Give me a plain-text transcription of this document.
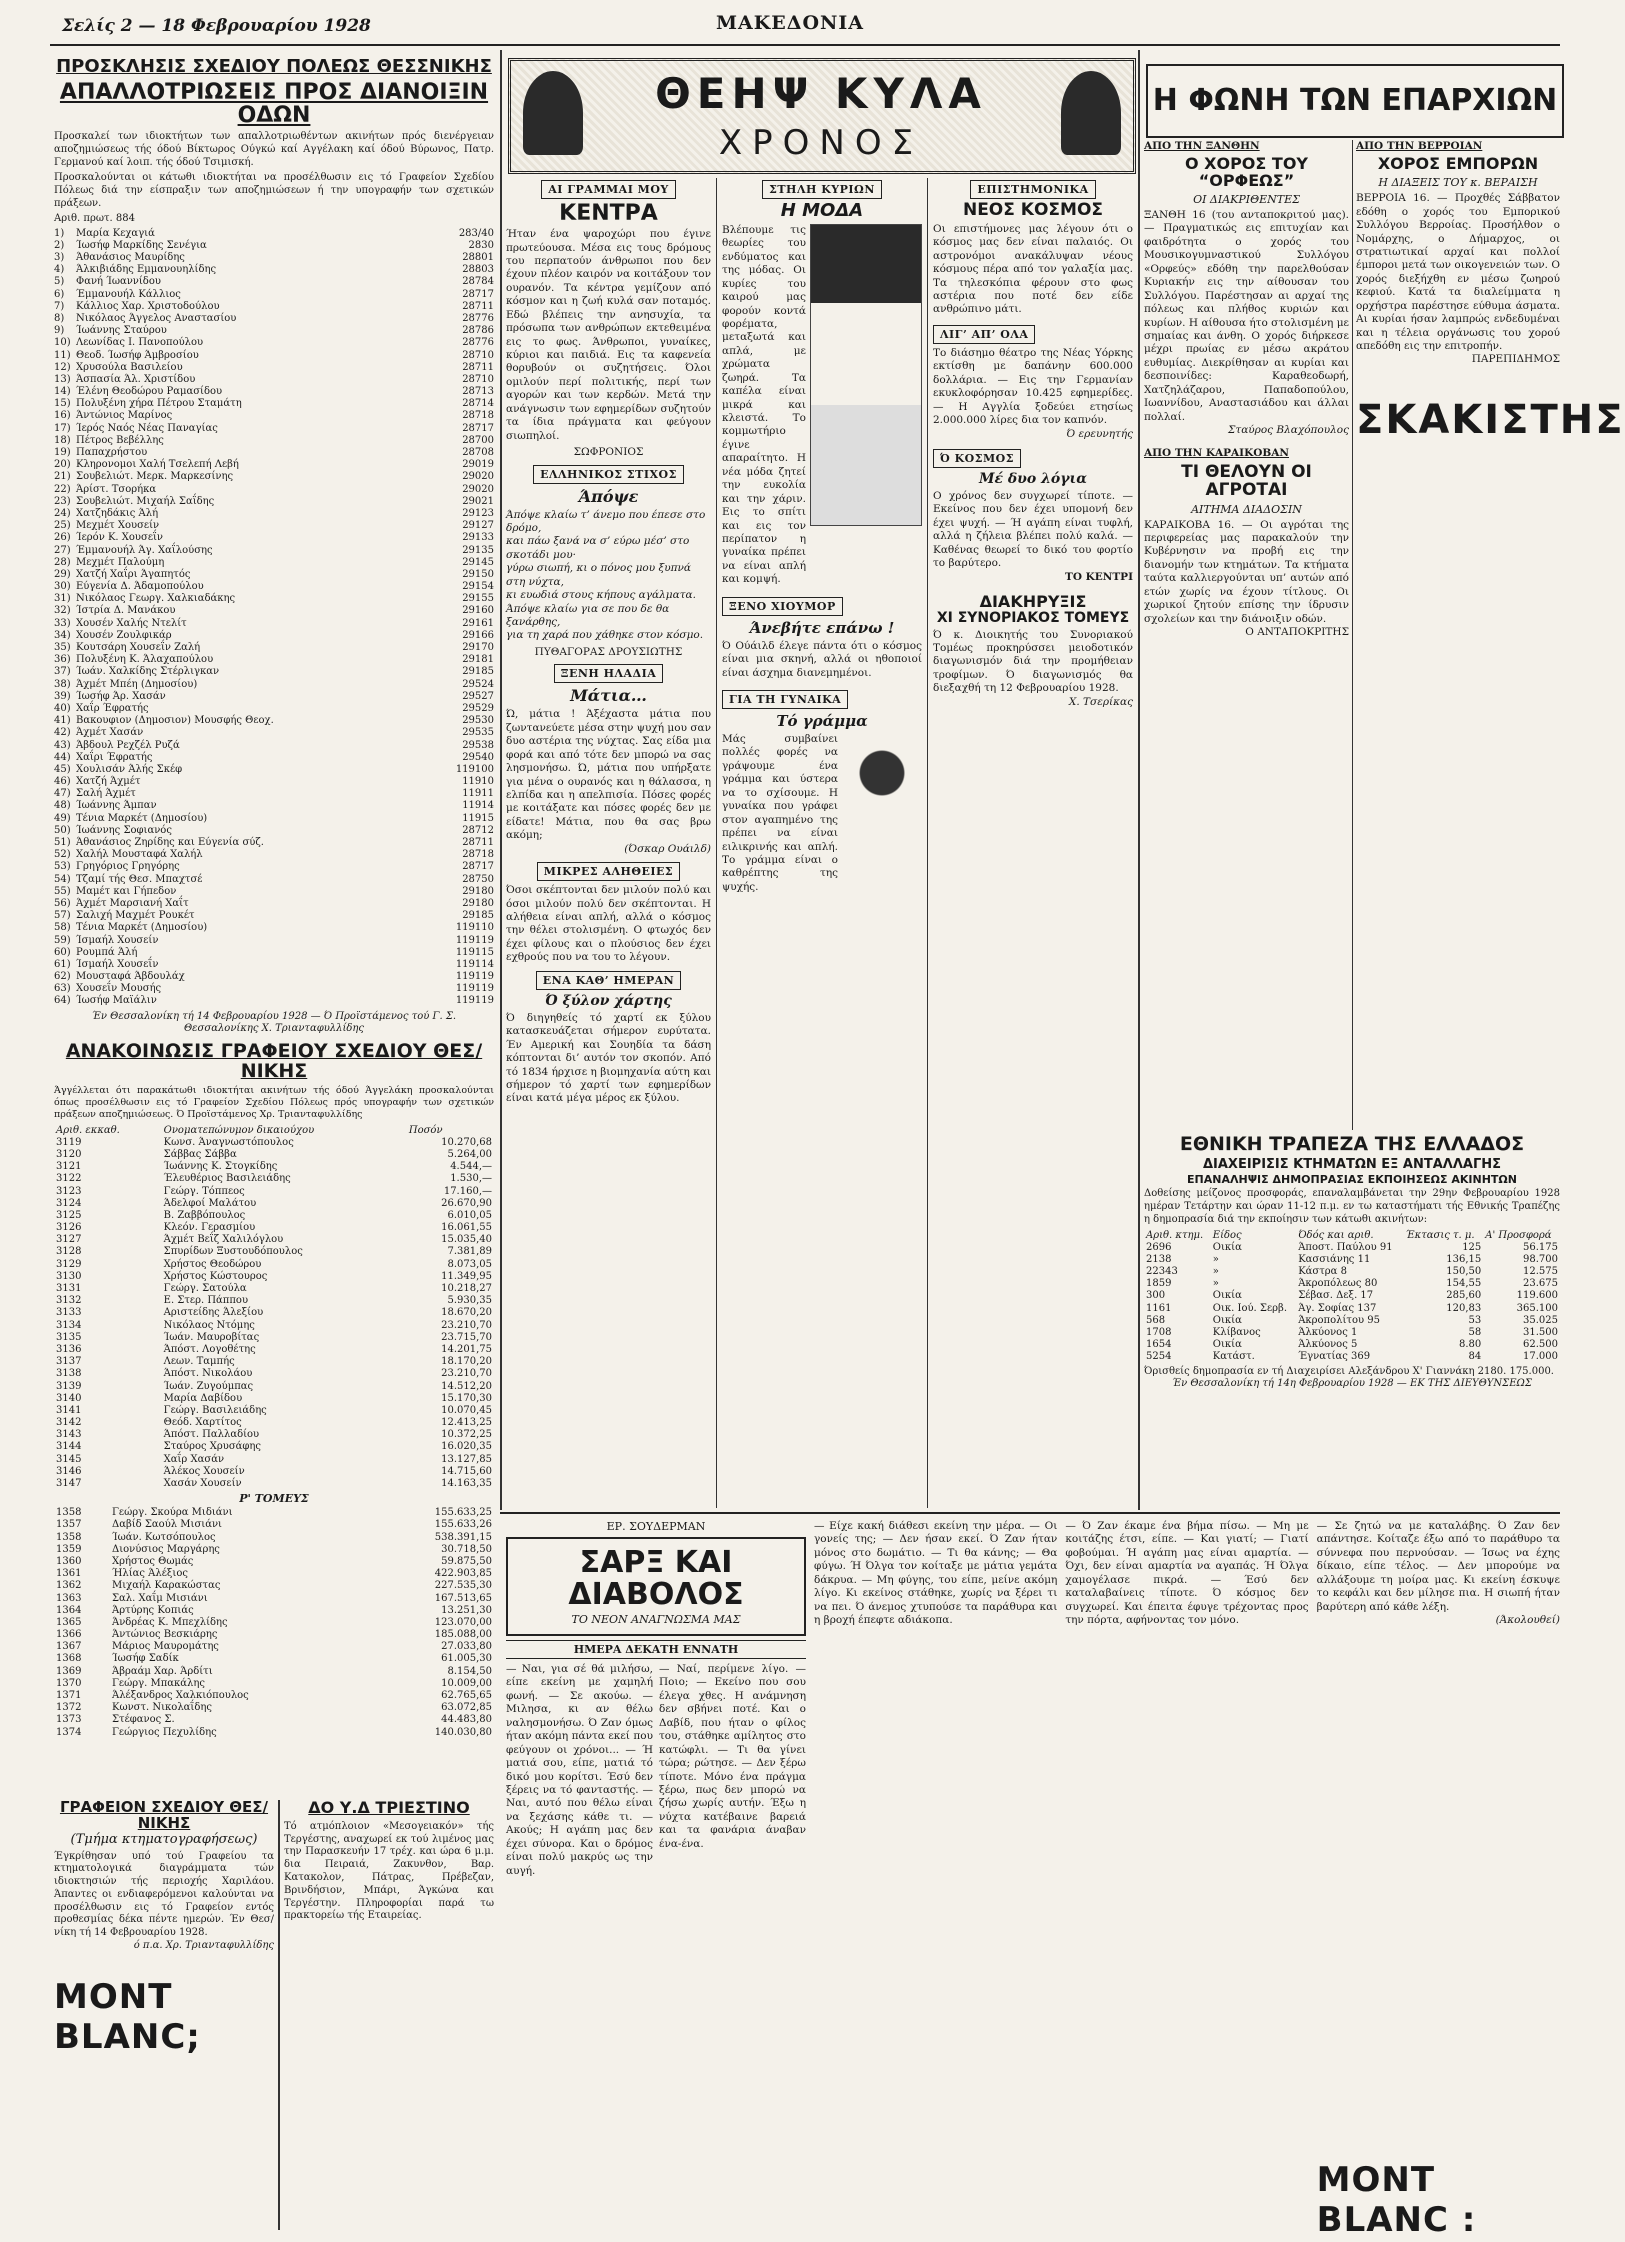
Σελίς 2 — 18 Φεβρουαρίου 1928	ΜΑΚΕΔΟΝΙΑ
ΠΡΟΣΚΛΗΣΙΣ ΣΧΕΔΙΟΥ ΠΟΛΕΩΣ ΘΕΣΣΝΙΚΗΣ
ΑΠΑΛΛΟΤΡΙΩΣΕΙΣ ΠΡΟΣ ΔΙΑΝΟΙΞΙΝ ΟΔΩΝ
Προσκαλεί των ιδιοκτήτων των απαλλοτριωθέντων ακινήτων πρός διενέργειαν αποζημιώσεως τής όδού Βίκτωρος Ούγκώ καί Αγγέλακη καί όδού Βύρωνος, Πατρ. Γερμανού καί λοιπ. τής όδού Τσιμισκή.
Προσκαλούνται οι κάτωθι ιδιοκτήται να προσέλθωσιν εις τό Γραφείον Σχεδίου Πόλεως διά την είσπραξιν των αποζημιώσεων ή την υπογραφήν των σχετικών πράξεων.
Αριθ. πρωτ. 884
1)	Μαρία Κεχαγιά	283/40
2)	Ίωσήφ Μαρκίδης Σενέγια	2830
3)	Άθανάσιος Μαυρίδης	28801
4)	Άλκιβιάδης Εμμανουηλίδης	28803
5)	Φανή Ίωαννίδου	28784
6)	Έμμανουήλ Κάλλιος	28717
7)	Κάλλιος Χαρ. Χριστοδούλου	28711
8)	Νικόλαος Άγγελος Αναστασίου	28776
9)	Ίωάννης Σταύρου	28786
10) Λεωνίδας Ι. Πανοπούλου	28776
11) Θεοδ. Ίωσήφ Άμβροσίου	28710
12) Χρυσούλα Βασιλείου	28711
13) Άσπασία Άλ. Χριστίδου	28710
14) Έλένη Θεοδώρου Ραμασίδου	28713
15) Πολυξένη χήρα Πέτρου Σταμάτη	28714
16) Άντώνιος Μαρίνος	28718
17) Ίερός Ναός Νέας Παναγίας	28717
18) Πέτρος Βεβέλλης	28700
19) Παπαχρήστου	28708
20) Κληρονομοι Χαλή Τσελεπή Λεβή	29019
21) Σουβελιώτ. Μερκ. Μαρκεσίνης	29020
22) Άρίστ. Τσορήκα	29020
23) Σουβελιώτ. Μιχαήλ Σαΐδης	29021
24) Χατζηδάκις Άλή	29123
25) Μεχμέτ Χουσείν	29127
26) Ίερόν Κ. Χουσεΐν	29133
27) Έμμανουήλ Άγ. Χαΐλούσης	29135
28) Μεχμέτ Παλούμη	29145
29) Χατζή Χαΐρι Άγαπητός	29150
30) Εύγενία Δ. Άδαμοπούλου	29154
31) Νικόλαος Γεωργ. Χαλκιαδάκης	29155
32) Ίστρία Δ. Μανάκου	29160
33) Χουσέν Χαλής Ντελίτ	29161
34) Χουσέν Ζουλφικάρ	29166
35) Κουτσάρη Χουσεΐν Ζαλή	29170
36) Πολυξένη Κ. Άλαχαπούλου	29181
37) Ίωάν. Χαλκίδης Στέρλιγκαν	29185
38) Άχμέτ Μπέη (Δημοσίου)	29524
39) Ίωσήφ Άρ. Χασάν	29527
40) Χαΐρ Έφρατής	29529
41) Βακουφιον (Δημοσιον) Μουσφής Θεοχ.	29530
42) Άχμέτ Χασάν	29535
43) Άβδουλ Ρεχζέλ Ρυζά	29538
44) Χαΐρι Έφρατής	29540
45) Χουλισάν Άλής Σκέφ	119100
46) Χατζή Άχμέτ	11910
47) Σαλή Άχμέτ	11911
48) Ίωάννης Άμπαν	11914
49) Τένια Μαρκέτ (Δημοσίου)	11915
50) Ίωάννης Σοφιανός	28712
51) Άθανάσιος Ζηρίδης και Εύγενία σύζ.	28711
52) Χαλήλ Μουσταφά Χαλήλ	28718
53) Γρηγόριος Γρηγόρης	28717
54) Τζαμί τής Θεσ. Μπαχτσέ	28750
55) Μαμέτ και Γήπεδον	29180
56) Άχμέτ Μαρσιανή Χαΐτ	29180
57) Σαλιχή Μαχμέτ Ρουκέτ	29185
58) Τένια Μαρκέτ (Δημοσίου)	119110
59) Ίσμαήλ Χουσείν	119119
60) Ρουμπά Άλή	119115
61) Ίσμαήλ Χουσεΐν	119114
62) Μουσταφά Άβδουλάχ	119119
63) Χουσεΐν Μουσής	119119
64) Ίωσήφ Μαϊάλιν	119119
Έν Θεσσαλονίκη τή 14 Φεβρουαρίου 1928 — Ό Προϊστάμενος τού Γ. Σ. Θεσσαλονίκης Χ. Τριανταφυλλίδης
ΑΝΑΚΟΙΝΩΣΙΣ ΓΡΑΦΕΙΟΥ ΣΧΕΔΙΟΥ ΘΕΣ/ΝΙΚΗΣ
Άγγέλλεται ότι παρακάτωθι ιδιοκτήται ακινήτων τής όδού Άγγελάκη προσκαλούνται όπως προσέλθωσιν εις τό Γραφείον Σχεδίου Πόλεως πρός υπογραφήν των σχετικών πράξεων αποζημιώσεως. Ό Προϊστάμενος Χρ. Τριανταφυλλίδης
Αριθ. εκκαθ.	Ονοματεπώνυμον δικαιούχου	Ποσόν
3119	Κωνσ. Άναγνωστόπουλος	10.270,68
3120	Σάββας Σάββα	5.264,00
3121	Ίωάννης Κ. Στογκίδης	4.544,—
3122	Έλευθέριος Βασιλειάδης	1.530,—
3123	Γεώργ. Τόππεος	17.160,—
3124	Άδελφοί Μαλάτου	26.670,90
3125	Β. Ζαββόπουλος	6.010,05
3126	Κλεόν. Γερασμίου	16.061,55
3127	Άχμέτ Βεΐζ Χαλιλόγλου	15.035,40
3128	Σπυρίδων Ξυστουδόπουλος	7.381,89
3129	Χρήστος Θεοδώρου	8.073,05
3130	Χρήστος Κώστουρος	11.349,95
3131	Γεώργ. Σατούλα	10.218,27
3132	Ε. Στερ. Πάππου	5.930,35
3133	Αριστείδης Άλεξίου	18.670,20
3134	Νικόλαος Ντόμης	23.210,70
3135	Ίωάν. Μαυροβίτας	23.715,70
3136	Άπόστ. Λογοθέτης	14.201,75
3137	Λεων. Ταμπής	18.170,20
3138	Άπόστ. Νικολάου	23.210,70
3139	Ίωάν. Ζυγούμπας	14.512,20
3140	Μαρία Δαβίδου	15.170,30
3141	Γεώργ. Βασιλειάδης	10.070,45
3142	Θεόδ. Χαρτίτος	12.413,25
3143	Άπόστ. Παλλαδίου	10.372,25
3144	Σταύρος Χρυσάφης	16.020,35
3145	Χαΐρ Χασάν	13.127,85
3146	Άλέκος Χουσείν	14.715,60
3147	Χασάν Χουσείν	14.163,35
Ρ' ΤΟΜΕΥΣ
1358	Γεώργ. Σκούρα Μιδιάνι	155.633,25
1357	Δαβίδ Σαούλ Μισιάνι	155.633,26
1358	Ίωάν. Κωτσόπουλος	538.391,15
1359	Διονύσιος Μαργάρης	30.718,50
1360	Χρήστος Θωμάς	59.875,50
1361	Ήλίας Άλέξιος	422.903,85
1362	Μιχαήλ Καρακώστας	227.535,30
1363	Σαλ. Χαΐμ Μισιάνι	167.513,65
1364	Άρτύρης Κοπιάς	13.251,30
1365	Άνδρέας Κ. Μπεχλίδης	123.070,00
1366	Άντώνιος Βεσκιάρης	185.088,00
1367	Μάριος Μαυρομάτης	27.033,80
1368	Ίωσήφ Σαδίκ	61.005,30
1369	Άβραάμ Χαρ. Άρδίτι	8.154,50
1370	Γεώργ. Μπακάλης	10.009,00
1371	Άλέξανδρος Χαλκιόπουλος	62.765,65
1372	Κωνστ. Νικολαΐδης	63.072,85
1373	Στέφανος Σ.	44.483,80
1374	Γεώργιος Πεχυλίδης	140.030,80
ΓΡΑΦΕΙΟΝ ΣΧΕΔΙΟΥ ΘΕΣ/ΝΙΚΗΣ
(Τμήμα κτηματογραφήσεως)
Έγκρίθησαν υπό τού Γραφείου τα κτηματολογικά διαγράμματα τών ιδιοκτησιών τής περιοχής Χαριλάου. Άπαντες οι ενδιαφερόμενοι καλούνται να προσέλθωσιν εις τό Γραφείον εντός προθεσμίας δέκα πέντε ημερών. Έν Θεσ/νίκη τή 14 Φεβρουαρίου 1928.
ό π.α. Χρ. Τριανταφυλλίδης
MONT BLANC;
ΔΟ Υ.Δ ΤΡΙΕΣΤΙΝΟ
Τό ατμόπλοιον «Μεσογειακόν» τής Τεργέστης, αναχωρεί εκ τού λιμένος μας την Παρασκευήν 17 τρέχ. και ώρα 6 μ.μ. δια Πειραιά, Ζακυνθον, Βαρ. Κατακολον, Πάτρας, Πρέβεζαν, Βρινδήσιον, Μπάρι, Άγκώνα και Τεργέστην. Πληροφορίαι παρά τω πρακτορείω τής Εταιρείας.
ΘΕΗΨ ΚΥΛΑ
ΧΡΟΝΟΣ
ΑΙ ΓΡΑΜΜΑΙ ΜΟΥ
ΚΕΝΤΡΑ
Ήταν ένα ψαροχώρι που έγινε πρωτεύουσα. Μέσα εις τους δρόμους του περπατούν άνθρωποι που δεν έχουν πλέον καιρόν να κοιτάξουν τον ουρανόν. Τα κέντρα γεμίζουν από κόσμον και η ζωή κυλά σαν ποταμός. Εδώ βλέπεις την ανησυχία, τα πρόσωπα των ανθρώπων εκτεθειμένα εις το φως. Άνθρωποι, γυναίκες, κύριοι και παιδιά. Εις τα καφενεία θορυβούν οι συζητήσεις. Όλοι ομιλούν περί πολιτικής, περί των αγορών και των κερδών. Μετά την ανάγνωσιν των εφημερίδων συζητούν τα ίδια πράγματα και φεύγουν σιωπηλοί.
ΣΩΦΡΟΝΙΟΣ
ΕΛΛΗΝΙΚΟΣ ΣΤΙΧΟΣ
Άπόψε
Άπόψε κλαίω τ’ άνεμο που έπεσε στο δρόμο,
και πάω ξανά να σ’ εύρω μέσ’ στο σκοτάδι μου·
γύρω σιωπή, κι ο πόνος μου ξυπνά στη νύχτα,
κι ευωδιά στους κήπους αγάλματα.
Άπόψε κλαίω για σε που δε θα ξανάρθης,
για τη χαρά που χάθηκε στον κόσμο.
ΠΥΘΑΓΟΡΑΣ ΔΡΟΥΣΙΩΤΗΣ
ΞΕΝΗ ΗΛΑΔΙΑ
Μάτια…
Ώ, μάτια ! Άξέχαστα μάτια που ζωντανεύετε μέσα στην ψυχή μου σαν δυο αστέρια της νύχτας. Σας είδα μια φορά και από τότε δεν μπορώ να σας λησμονήσω. Ώ, μάτια που υπήρξατε για μένα ο ουρανός και η θάλασσα, η ελπίδα και η απελπισία. Πόσες φορές με κοιτάξατε και πόσες φορές δεν με είδατε! Μάτια, που θα σας βρω ακόμη;
(Όσκαρ Ουάιλδ)
ΜΙΚΡΕΣ ΑΛΗΘΕΙΕΣ
Όσοι σκέπτονται δεν μιλούν πολύ και όσοι μιλούν πολύ δεν σκέπτονται. Η αλήθεια είναι απλή, αλλά ο κόσμος την θέλει στολισμένη. Ο φτωχός δεν έχει φίλους και ο πλούσιος δεν έχει εχθρούς που να του το λέγουν.
ΕΝΑ ΚΑΘ’ ΗΜΕΡΑΝ
Ό ξύλον χάρτης
Ό διηγηθείς τό χαρτί εκ ξύλου κατασκευάζεται σήμερον ευρύτατα. Έν Αμερική και Σουηδία τα δάση κόπτονται δι’ αυτόν τον σκοπόν. Από τό 1834 ήρχισε η βιομηχανία αύτη και σήμερον τό χαρτί των εφημερίδων είναι κατά μέγα μέρος εκ ξύλου.
ΣΤΗΛΗ ΚΥΡΙΩΝ
Η ΜΟΔΑ
Βλέπουμε τις θεωρίες του ενδύματος και της μόδας. Οι κυρίες του καιρού μας φορούν κοντά φορέματα, μεταξωτά και απλά, με χρώματα ζωηρά. Τα καπέλα είναι μικρά και κλειστά. Το κομμωτήριο έγινε απαραίτητο. Η νέα μόδα ζητεί την ευκολία και την χάριν. Εις το σπίτι και εις τον περίπατον η γυναίκα πρέπει να είναι απλή και κομψή.
ΞΕΝΟ ΧΙΟΥΜΟΡ
Άνεβήτε επάνω !
Ό Ούάιλδ έλεγε πάντα ότι ο κόσμος είναι μια σκηνή, αλλά οι ηθοποιοί είναι άσχημα διανεμημένοι.
ΓΙΑ ΤΗ ΓΥΝΑΙΚΑ
Τό γράμμα
Μάς συμβαίνει πολλές φορές να γράψουμε ένα γράμμα και ύστερα να το σχίσουμε. Η γυναίκα που γράφει στον αγαπημένο της πρέπει να είναι ειλικρινής και απλή. Το γράμμα είναι ο καθρέπτης της ψυχής.
ΕΠΙΣΤΗΜΟΝΙΚΑ
ΝΕΟΣ ΚΟΣΜΟΣ
Οι επιστήμονες μας λέγουν ότι ο κόσμος μας δεν είναι παλαιός. Οι αστρονόμοι ανακάλυψαν νέους κόσμους πέρα από τον γαλαξία μας. Τα τηλεσκόπια φέρουν στο φως αστέρια που ποτέ δεν είδε ανθρώπινο μάτι.
ΛΙΓ’ ΑΠ’ ΟΛΑ
Το διάσημο θέατρο της Νέας Υόρκης εκτίσθη με δαπάνην 600.000 δολλάρια. — Εις την Γερμανίαν εκυκλοφόρησαν 10.425 εφημερίδες. — Η Αγγλία ξοδεύει ετησίως 2.000.000 λίρες δια τον καπνόν.
Ό ερευνητής
Ό ΚΟΣΜΟΣ
Μέ δυο λόγια
Ο χρόνος δεν συγχωρεί τίποτε. — Εκείνος που δεν έχει υπομονή δεν έχει ψυχή. — Ή αγάπη είναι τυφλή, αλλά η ζήλεια βλέπει πολύ καλά. — Καθένας θεωρεί το δικό του φορτίο το βαρύτερο.
ΤΟ ΚΕΝΤΡΙ
ΔΙΑΚΗΡΥΞΙΣ
ΧΙ ΣΥΝΟΡΙΑΚΟΣ ΤΟΜΕΥΣ
Ό κ. Διοικητής του Συνοριακού Τομέως προκηρύσσει μειοδοτικόν διαγωνισμόν διά την προμήθειαν τροφίμων. Ό διαγωνισμός θα διεξαχθή τη 12 Φεβρουαρίου 1928.
Χ. Τσερίκας
Η ΦΩΝΗ ΤΩΝ ΕΠΑΡΧΙΩΝ
ΑΠΟ ΤΗΝ ΞΑΝΘΗΝ
Ο ΧΟΡΟΣ ΤΟΥ “ΟΡΦΕΩΣ”
ΟΙ ΔΙΑΚΡΙΘΕΝΤΕΣ
ΞΑΝΘΗ 16 (του ανταποκριτού μας). — Πραγματικώς εις επιτυχίαν και φαιδρότητα ο χορός του Μουσικογυμναστικού Συλλόγου «Ορφεύς» εδόθη την παρελθούσαν Κυριακήν εις την αίθουσαν του Συλλόγου. Παρέστησαν αι αρχαί της πόλεως και πλήθος κυριών και κυρίων. Η αίθουσα ήτο στολισμένη με σημαίας και άνθη. Ο χορός διήρκεσε μέχρι πρωίας εν μέσω ακράτου ευθυμίας. Διεκρίθησαν αι κυρίαι και δεσποινίδες: Καραθεοδωρή, Χατζηλάζαρου, Παπαδοπούλου, Ιωαννίδου, Αναστασιάδου και άλλαι πολλαί.
Σταύρος Βλαχόπουλος
ΑΠΟ ΤΗΝ ΚΑΡΑΙΚΟΒΑΝ
ΤΙ ΘΕΛΟΥΝ ΟΙ ΑΓΡΟΤΑΙ
ΑΙΤΗΜΑ ΔΙΑΔΟΣΙΝ
ΚΑΡΑΙΚΟΒΑ 16. — Οι αγρόται της περιφερείας μας παρακαλούν την Κυβέρνησιν να προβή εις την διανομήν των κτημάτων. Τα κτήματα ταύτα καλλιεργούνται υπ’ αυτών από ετών χωρίς να έχουν τίτλους. Οι χωρικοί ζητούν επίσης την ίδρυσιν σχολείων και την διάνοιξιν οδών.
Ο ΑΝΤΑΠΟΚΡΙΤΗΣ
ΑΠΟ ΤΗΝ ΒΕΡΡΟΙΑΝ
ΧΟΡΟΣ ΕΜΠΟΡΩΝ
Η ΔΙΑΞΕΙΣ ΤΟΥ κ. ΒΕΡΑΙΣΗ
ΒΕΡΡΟΙΑ 16. — Προχθές Σάββατον εδόθη ο χορός του Εμπορικού Συλλόγου Βερροίας. Προσήλθον ο Νομάρχης, ο Δήμαρχος, οι στρατιωτικαί αρχαί και πολλοί έμποροι μετά των οικογενειών των. Ο χορός διεξήχθη εν μέσω ζωηρού κεφιού. Κατά τα διαλείμματα η ορχήστρα παρέστησε εύθυμα άσματα. Αι κυρίαι ήσαν λαμπρώς ενδεδυμέναι και η τέλεια οργάνωσις του χορού απεδόθη εις την επιτροπήν.
ΠΑΡΕΠΙΔΗΜΟΣ
ΣΚΑΚΙΣΤΗΣ
ΕΘΝΙΚΗ ΤΡΑΠΕΖΑ ΤΗΣ ΕΛΛΑΔΟΣ
ΔΙΑΧΕΙΡΙΣΙΣ ΚΤΗΜΑΤΩΝ ΕΞ ΑΝΤΑΛΛΑΓΗΣ
ΕΠΑΝΑΛΗΨΙΣ ΔΗΜΟΠΡΑΣΙΑΣ ΕΚΠΟΙΗΣΕΩΣ ΑΚΙΝΗΤΩΝ
Δοθείσης μείζονος προσφοράς, επαναλαμβάνεται την 29ην Φεβρουαρίου 1928 ημέραν Τετάρτην και ώραν 11-12 π.μ. εν τω καταστήματι τής Εθνικής Τραπέζης η δημοπρασία διά την εκποίησιν των κάτωθι ακινήτων:
Αριθ. κτημ.	Είδος	Όδός και αριθ.	Έκτασις τ. μ.	Α' Προσφορά
2696	Οικία	Άποστ. Παύλου 91	125	56.175
2138	»	Κασσιάνης 11	136,15	98.700
22343	»	Κάστρα 8	150,50	12.575
1859	»	Άκροπόλεως 80	154,55	23.675
300	Οικία	Σέβασ. Δεξ. 17	285,60	119.600
1161	Οικ. Ιού. Σερβ.	Άγ. Σοφίας 137	120,83	365.100
568	Οικία	Άκροπολίτου 95	53	35.025
1708	Κλίβανος	Άλκύονος 1	58	31.500
1654	Οικία	Άλκύονος 5	8.80	62.500
5254	Κατάστ.	Έγνατίας 369	84	17.000
Όρισθείς δημοπρασία εν τή Διαχειρίσει Αλεξάνδρου Χ' Γιαννάκη 2180. 175.000.
Έν Θεσσαλονίκη τή 14η Φεβρουαρίου 1928 — ΕΚ ΤΗΣ ΔΙΕΥΘΥΝΣΕΩΣ
ΕΡ. ΣΟΥΔΕΡΜΑΝ
ΣΑΡΞ ΚΑΙ ΔΙΑΒΟΛΟΣ
ΤΟ ΝΕΟΝ ΑΝΑΓΝΩΣΜΑ ΜΑΣ
ΗΜΕΡΑ ΔΕΚΑΤΗ ΕΝΝΑΤΗ
— Ναι, για σέ θά μιλήσω, είπε εκείνη με χαμηλή φωνή. — Σε ακούω. — Μιλησα, κι αν θέλω ναλησμονήσω. Ό Ζαν όμως ήταν ακόμη πάντα εκεί που φεύγουν οι χρόνοι... — Ή ματιά σου, είπε, ματιά τό δικό μου κορίτσι. Έσύ δεν ξέρεις να τό φανταστής. — Ναι, αυτό που θέλω είναι να ξεχάσης κάθε τι. — Ακούς; Η αγάπη μας δεν έχει σύνορα. Και ο δρόμος είναι πολύ μακρύς ως την αυγή.
— Ναί, περίμενε λίγο. — Ποιο; — Εκείνο που σου έλεγα χθες. Η ανάμνηση δεν σβήνει ποτέ. Και ο Δαβίδ, που ήταν ο φίλος του, στάθηκε αμίλητος στο κατώφλι. — Τι θα γίνει τώρα; ρώτησε. — Δεν ξέρω τίποτε. Μόνο ένα πράγμα ξέρω, πως δεν μπορώ να ζήσω χωρίς αυτήν. Έξω η νύχτα κατέβαινε βαρειά και τα φανάρια άναβαν ένα-ένα.
— Είχε κακή διάθεσι εκείνη την μέρα. — Οι γονείς της; — Δεν ήσαν εκεί. Ό Ζαν ήταν μόνος στο δωμάτιο. — Τι θα κάνης; — Θα φύγω. Ή Όλγα τον κοίταξε με μάτια γεμάτα δάκρυα. — Μη φύγης, του είπε, μείνε ακόμη λίγο. Κι εκείνος στάθηκε, χωρίς να ξέρει τι να πει. Ό άνεμος χτυπούσε τα παράθυρα και η βροχή έπεφτε αδιάκοπα.
— Ό Ζαν έκαμε ένα βήμα πίσω. — Μη με κοιτάζης έτσι, είπε. — Και γιατί; — Γιατί φοβούμαι. Ή αγάπη μας είναι αμαρτία. — Όχι, δεν είναι αμαρτία να αγαπάς. Ή Όλγα χαμογέλασε πικρά. — Έσύ δεν καταλαβαίνεις τίποτε. Ό κόσμος δεν συγχωρεί. Και έπειτα έφυγε τρέχοντας προς την πόρτα, αφήνοντας τον μόνο.
— Σε ζητώ να με καταλάβης. Ό Ζαν δεν απάντησε. Κοίταζε έξω από το παράθυρο τα σύννεφα που περνούσαν. — Ίσως να έχης δίκαιο, είπε τέλος. — Δεν μπορούμε να αλλάξουμε τη μοίρα μας. Κι εκείνη έσκυψε το κεφάλι και δεν μίλησε πια. Η σιωπή ήταν βαρύτερη από κάθε λέξη.
(Άκολουθεί)
MONT BLANC :
